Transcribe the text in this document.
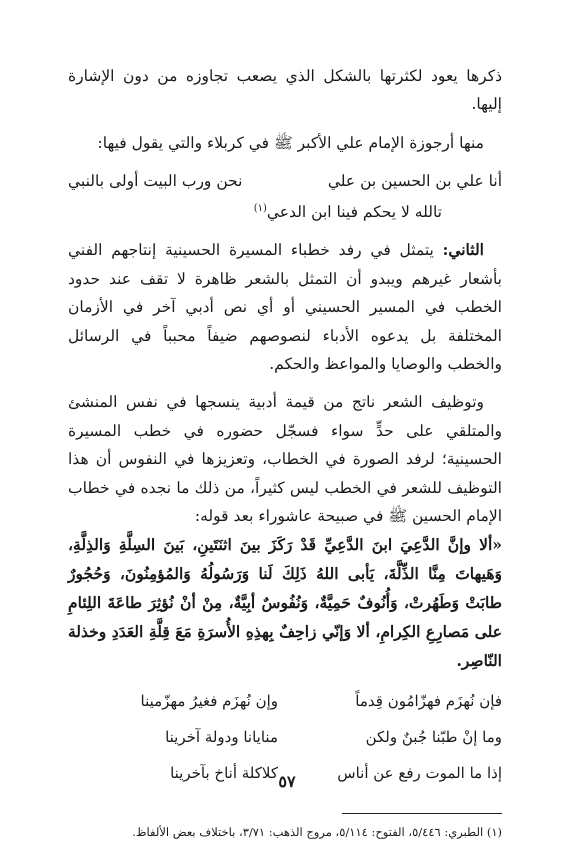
ذكرها يعود لكثرتها بالشكل الذي يصعب تجاوزه من دون الإشارة إليها.

منها أرجوزة الإمام علي الأكبر ﷺ في كربلاء والتي يقول فيها:

أنا علي بن الحسين بن علي
نحن ورب البيت أولى بالنبي
تالله لا يحكم فينا ابن الدعي$^{(١)}$

الثاني: يتمثل في رفد خطباء المسيرة الحسينية إنتاجهم الفني بأشعار غيرهم ويبدو أن التمثل بالشعر ظاهرة لا تقف عند حدود الخطب في المسير الحسيني أو أي نص أدبي آخر في الأزمان المختلفة بل يدعوه الأدباء لنصوصهم ضيفاً محبباً في الرسائل والخطب والوصايا والمواعظ والحكم.

وتوظيف الشعر ناتج من قيمة أدبية ينسجها في نفس المنشئ والمتلقي على حدٍّ سواء فسجّل حضوره في خطب المسيرة الحسينية؛ لرفد الصورة في الخطاب، وتعزيزها في النفوس أن هذا التوظيف للشعر في الخطب ليس كثيراً، من ذلك ما نجده في خطاب الإمام الحسين ﷺ في صبيحة عاشوراء بعد قوله:

«ألا وإنَّ الدَّعِيَ ابنَ الدَّعِيِّ قَدْ رَكَزَ بينَ اثنَتَينِ، بَينَ السِلَّةِ وَالذِلَّةِ، وَهَيهاتَ مِنَّا الذِّلَّةَ، يَأبى اللهُ ذَلِكَ لَنا وَرَسُولُهُ وَالمُؤمِنُونَ، وَحُجُورٌ طابَتْ وَطَهُرتْ، وَأُنُوفٌ حَمِيَّةٌ، وَنُفُوسٌ أبِيَّةٌ، مِنْ أنْ نُؤثِرَ طاعَةَ اللِئامِ على مَصارِعِ الكِرامِ، ألا وَإنّي زاحِفٌ بِهذِهِ الأُسرَةِ مَعَ قِلَّةِ العَدَدِ وخذلة النّاصِر.

فإن نُهزَم فهزّامُون قِدماً
وإن نُهزَم فغيرُ مهزّمينا
وما إنْ طبّنا جُبنٌ ولكن
منايانا ودولة آخرينا
إذا ما الموت رفع عن أناس
كلاكلة أناخ بآخرينا

(١) الطبري: ٥/٤٤٦، الفتوح: ٥/١١٤، مروج الذهب: ٣/٧١، باختلاف بعض الألفاظ.

٥٧
